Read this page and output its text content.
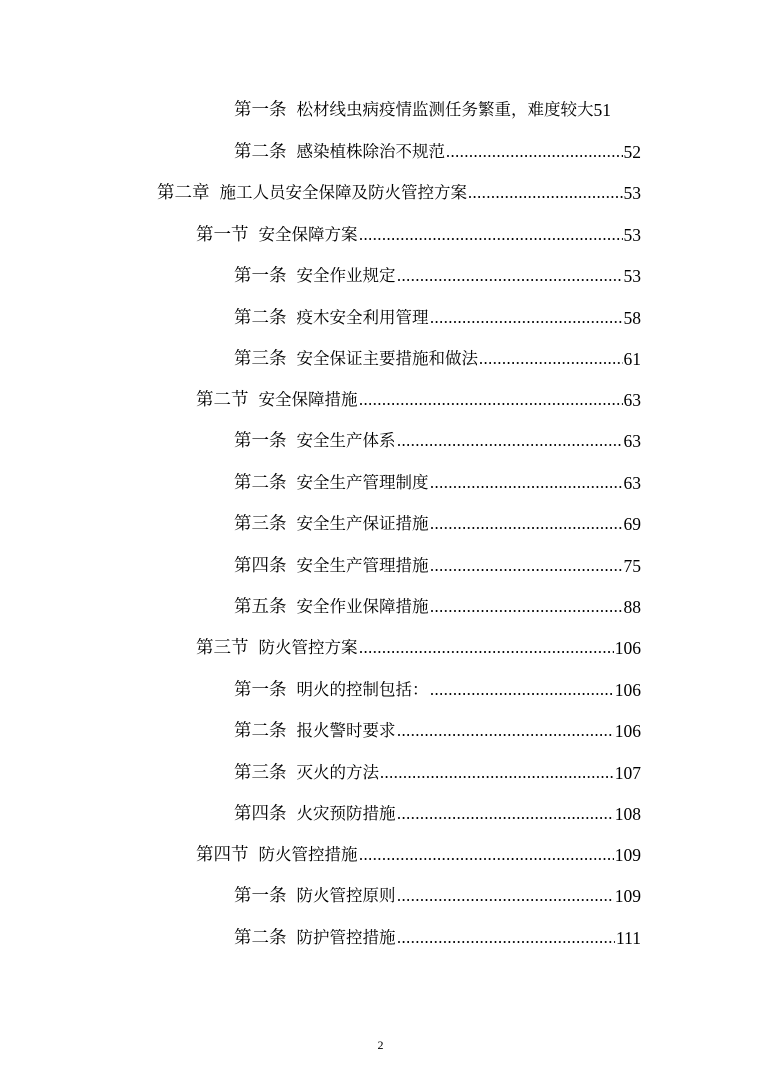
第一条 松材线虫病疫情监测任务繁重，难度较大 51
第二条 感染植株除治不规范	52
第二章 施工人员安全保障及防火管控方案	53
第一节 安全保障方案	53
第一条 安全作业规定	53
第二条 疫木安全利用管理	58
第三条 安全保证主要措施和做法	61
第二节 安全保障措施	63
第一条 安全生产体系	63
第二条 安全生产管理制度	63
第三条 安全生产保证措施	69
第四条 安全生产管理措施	75
第五条 安全作业保障措施	88
第三节 防火管控方案	106
第一条 明火的控制包括：	106
第二条 报火警时要求	106
第三条 灭火的方法	107
第四条 火灾预防措施	108
第四节 防火管控措施	109
第一条 防火管控原则	109
第二条 防护管控措施	111
2
